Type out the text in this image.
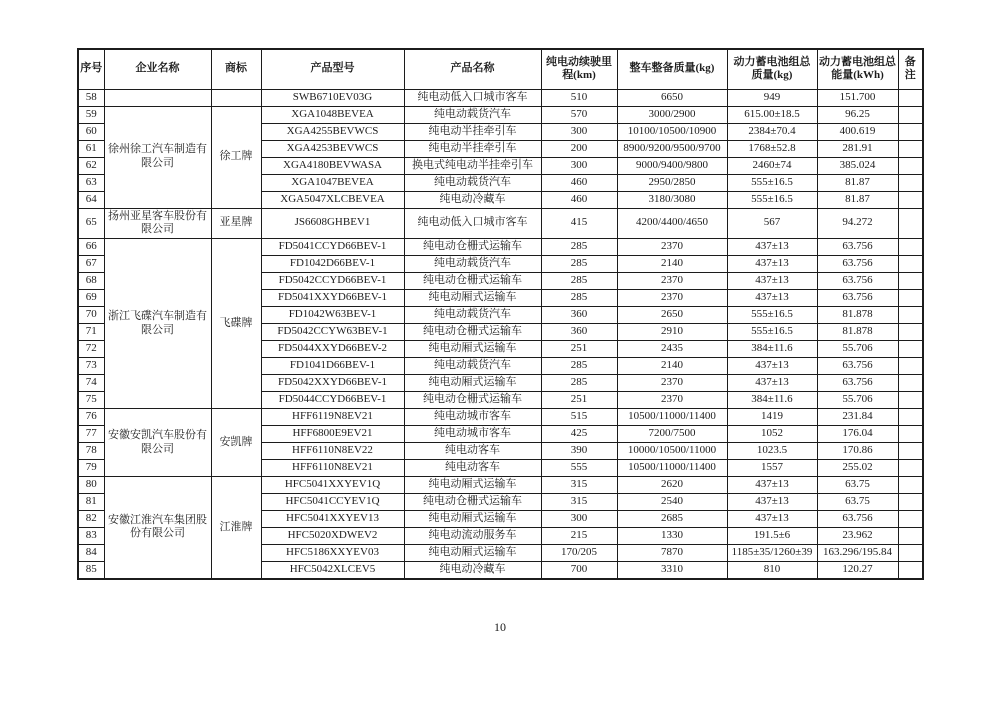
序号	企业名称	商标	产品型号	产品名称	纯电动续驶里程(km)	整车整备质量(kg)	动力蓄电池组总质量(kg)	动力蓄电池组总能量(kWh)	备注
58			SWB6710EV03G	纯电动低入口城市客车	510	6650	949	151.700	
59	徐州徐工汽车制造有限公司	徐工牌	XGA1048BEVEA	纯电动载货汽车	570	3000/2900	615.00±18.5	96.25	
60			XGA4255BEVWCS	纯电动半挂牵引车	300	10100/10500/10900	2384±70.4	400.619	
61			XGA4253BEVWCS	纯电动半挂牵引车	200	8900/9200/9500/9700	1768±52.8	281.91	
62			XGA4180BEVWASA	换电式纯电动半挂牵引车	300	9000/9400/9800	2460±74	385.024	
63			XGA1047BEVEA	纯电动载货汽车	460	2950/2850	555±16.5	81.87	
64			XGA5047XLCBEVEA	纯电动冷藏车	460	3180/3080	555±16.5	81.87	
65	扬州亚星客车股份有限公司	亚星牌	JS6608GHBEV1	纯电动低入口城市客车	415	4200/4400/4650	567	94.272	
66	浙江飞碟汽车制造有限公司	飞碟牌	FD5041CCYD66BEV-1	纯电动仓栅式运输车	285	2370	437±13	63.756	
67			FD1042D66BEV-1	纯电动载货汽车	285	2140	437±13	63.756	
68			FD5042CCYD66BEV-1	纯电动仓栅式运输车	285	2370	437±13	63.756	
69			FD5041XXYD66BEV-1	纯电动厢式运输车	285	2370	437±13	63.756	
70			FD1042W63BEV-1	纯电动载货汽车	360	2650	555±16.5	81.878	
71			FD5042CCYW63BEV-1	纯电动仓栅式运输车	360	2910	555±16.5	81.878	
72			FD5044XXYD66BEV-2	纯电动厢式运输车	251	2435	384±11.6	55.706	
73			FD1041D66BEV-1	纯电动载货汽车	285	2140	437±13	63.756	
74			FD5042XXYD66BEV-1	纯电动厢式运输车	285	2370	437±13	63.756	
75			FD5044CCYD66BEV-1	纯电动仓栅式运输车	251	2370	384±11.6	55.706	
76	安徽安凯汽车股份有限公司	安凯牌	HFF6119N8EV21	纯电动城市客车	515	10500/11000/11400	1419	231.84	
77			HFF6800E9EV21	纯电动城市客车	425	7200/7500	1052	176.04	
78			HFF6110N8EV22	纯电动客车	390	10000/10500/11000	1023.5	170.86	
79			HFF6110N8EV21	纯电动客车	555	10500/11000/11400	1557	255.02	
80	安徽江淮汽车集团股份有限公司	江淮牌	HFC5041XXYEV1Q	纯电动厢式运输车	315	2620	437±13	63.75	
81			HFC5041CCYEV1Q	纯电动仓栅式运输车	315	2540	437±13	63.75	
82			HFC5041XXYEV13	纯电动厢式运输车	300	2685	437±13	63.756	
83			HFC5020XDWEV2	纯电动流动服务车	215	1330	191.5±6	23.962	
84			HFC5186XXYEV03	纯电动厢式运输车	170/205	7870	1185±35/1260±39	163.296/195.84	
85			HFC5042XLCEV5	纯电动冷藏车	700	3310	810	120.27	
10
